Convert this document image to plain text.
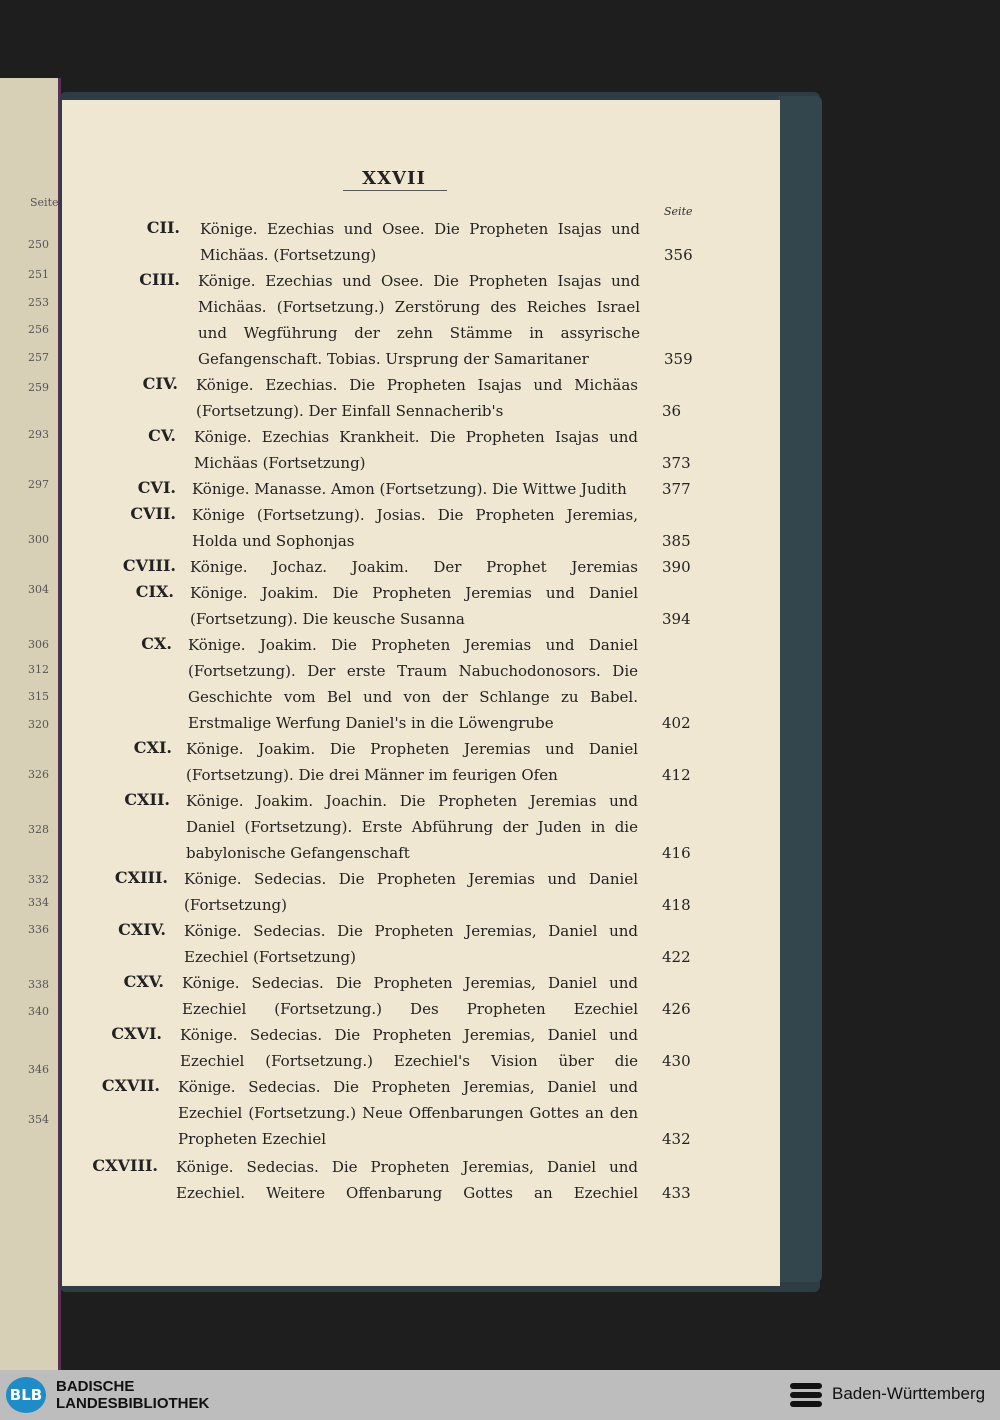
Seite
250
251
253
256
257
259
293
297
300
304
306
312
315
320
326
328
332
334
336
338
340
346
354
XXVII
Seite
CII. Könige. Ezechias und Osee. Die Propheten Isajas und Michäas. (Fortsetzung)	356
CIII. Könige. Ezechias und Osee. Die Propheten Isajas und Michäas. (Fortsetzung.) Zerstörung des Reiches Israel und Wegführung der zehn Stämme in assyrische Gefangenschaft. Tobias. Ursprung der Samaritaner	359
CIV. Könige. Ezechias. Die Propheten Isajas und Michäas (Fortsetzung). Der Einfall Sennacherib's	36
CV. Könige. Ezechias Krankheit. Die Propheten Isajas und Michäas (Fortsetzung)	373
CVI. Könige. Manasse. Amon (Fortsetzung). Die Wittwe Judith	377
CVII. Könige (Fortsetzung). Josias. Die Propheten Jeremias, Holda und Sophonjas	385
CVIII. Könige. Jochaz. Joakim. Der Prophet Jeremias 390
CIX. Könige. Joakim. Die Propheten Jeremias und Daniel (Fortsetzung). Die keusche Susanna	394
CX. Könige. Joakim. Die Propheten Jeremias und Daniel (Fortsetzung). Der erste Traum Nabuchodonosors. Die Geschichte vom Bel und von der Schlange zu Babel. Erstmalige Werfung Daniel's in die Löwengrube	402
CXI. Könige. Joakim. Die Propheten Jeremias und Daniel (Fortsetzung). Die drei Männer im feurigen Ofen	412
CXII. Könige. Joakim. Joachin. Die Propheten Jeremias und Daniel (Fortsetzung). Erste Abführung der Juden in die babylonische Gefangenschaft	416
CXIII. Könige. Sedecias. Die Propheten Jeremias und Daniel (Fortsetzung)	418
CXIV. Könige. Sedecias. Die Propheten Jeremias, Daniel und Ezechiel (Fortsetzung)	422
CXV. Könige. Sedecias. Die Propheten Jeremias, Daniel und Ezechiel (Fortsetzung.) Des Propheten Ezechiel 426
CXVI. Könige. Sedecias. Die Propheten Jeremias, Daniel und Ezechiel (Fortsetzung.) Ezechiel's Vision über die 430
CXVII. Könige. Sedecias. Die Propheten Jeremias, Daniel und Ezechiel (Fortsetzung.) Neue Offenbarungen Gottes an den Propheten Ezechiel	432
CXVIII. Könige. Sedecias. Die Propheten Jeremias, Daniel und Ezechiel. Weitere Offenbarung Gottes an Ezechiel 433
BLB BADISCHE
LANDESBIBLIOTHEK
Baden-Württemberg
